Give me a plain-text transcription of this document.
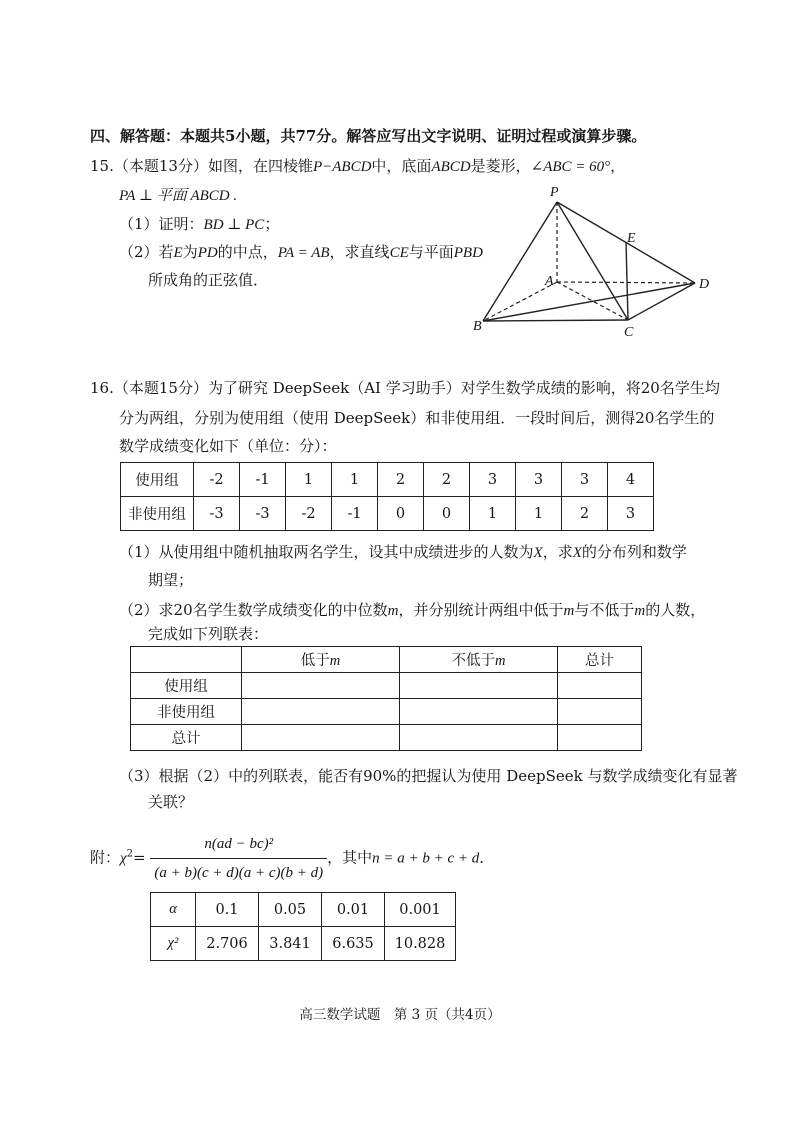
四、解答题：本题共5小题，共77分。解答应写出文字说明、证明过程或演算步骤。
15.（本题13分）如图，在四棱锥P−ABCD中，底面ABCD是菱形，∠ABC = 60°，
PA ⊥ 平面 ABCD .
（1）证明：BD ⊥ PC；
（2）若E为PD的中点，PA = AB，求直线CE与平面PBD
所成角的正弦值．
P
E
A	D
B	C
16.（本题15分）为了研究 DeepSeek（AI 学习助手）对学生数学成绩的影响，将20名学生均
分为两组，分别为使用组（使用 DeepSeek）和非使用组．一段时间后，测得20名学生的
数学成绩变化如下（单位：分）：
使用组	-2	-1	1	1	2	2	3	3	3	4
非使用组	-3	-3	-2	-1	0	0	1	1	2	3
（1）从使用组中随机抽取两名学生，设其中成绩进步的人数为X，求X的分布列和数学
期望；
（2）求20名学生数学成绩变化的中位数m，并分别统计两组中低于m与不低于m的人数，
完成如下列联表：
	低于m	不低于m	总计
使用组			
非使用组			
总计			
（3）根据（2）中的列联表，能否有90%的把握认为使用 DeepSeek 与数学成绩变化有显著
关联？
附：$\chi^2= \frac{\text{n(ad − bc)²}}{(a + b)(c + d)(a + c)(b + d)}$ ，其中n = a + b + c + d．
α	0.1	0.05	0.01	0.001
χ²	2.706	3.841	6.635	10.828
高三数学试题　第 3 页（共4页）
